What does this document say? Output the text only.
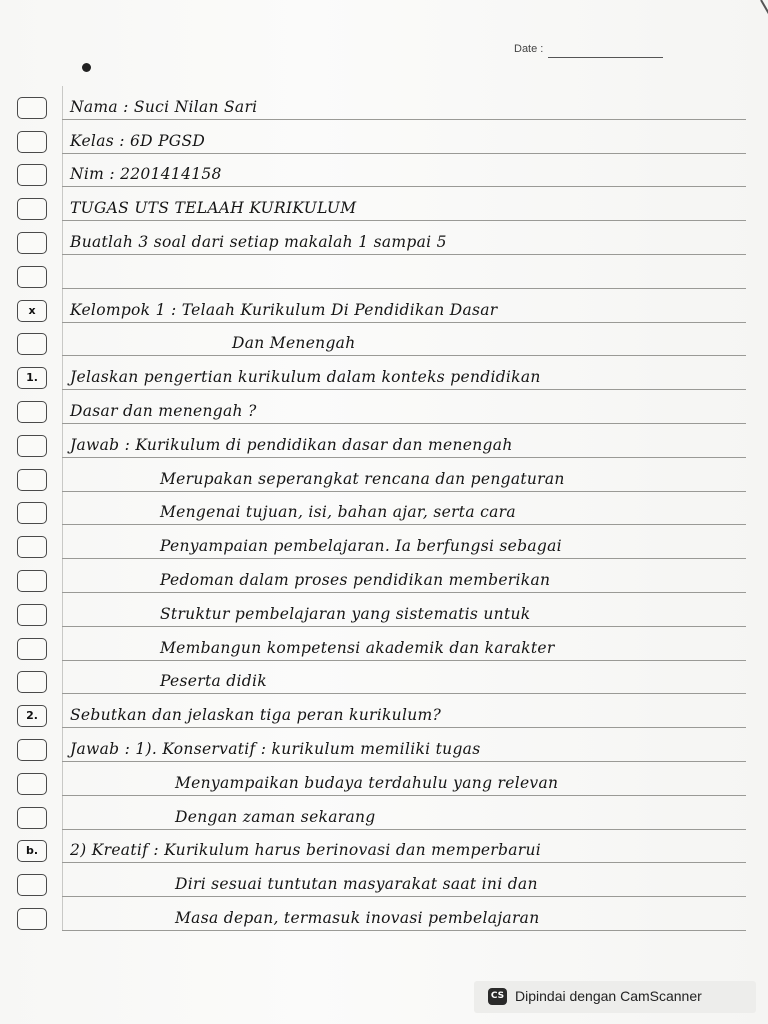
Date :
Nama : Suci Nilan Sari
Kelas : 6D PGSD
Nim : 2201414158
TUGAS UTS TELAAH KURIKULUM
Buatlah 3 soal dari setiap makalah 1 sampai 5
x	Kelompok 1 : Telaah Kurikulum Di Pendidikan Dasar
Dan Menengah
1.	Jelaskan pengertian kurikulum dalam konteks pendidikan
Dasar dan menengah ?
Jawab : Kurikulum di pendidikan dasar dan menengah
Merupakan seperangkat rencana dan pengaturan
Mengenai tujuan, isi, bahan ajar, serta cara
Penyampaian pembelajaran. Ia berfungsi sebagai
Pedoman dalam proses pendidikan memberikan
Struktur pembelajaran yang sistematis untuk
Membangun kompetensi akademik dan karakter
Peserta didik
2.	Sebutkan dan jelaskan tiga peran kurikulum?
Jawab : 1). Konservatif : kurikulum memiliki tugas
Menyampaikan budaya terdahulu yang relevan
Dengan zaman sekarang
b.	2) Kreatif : Kurikulum harus berinovasi dan memperbarui
Diri sesuai tuntutan masyarakat saat ini dan
Masa depan, termasuk inovasi pembelajaran
CS Dipindai dengan CamScanner
